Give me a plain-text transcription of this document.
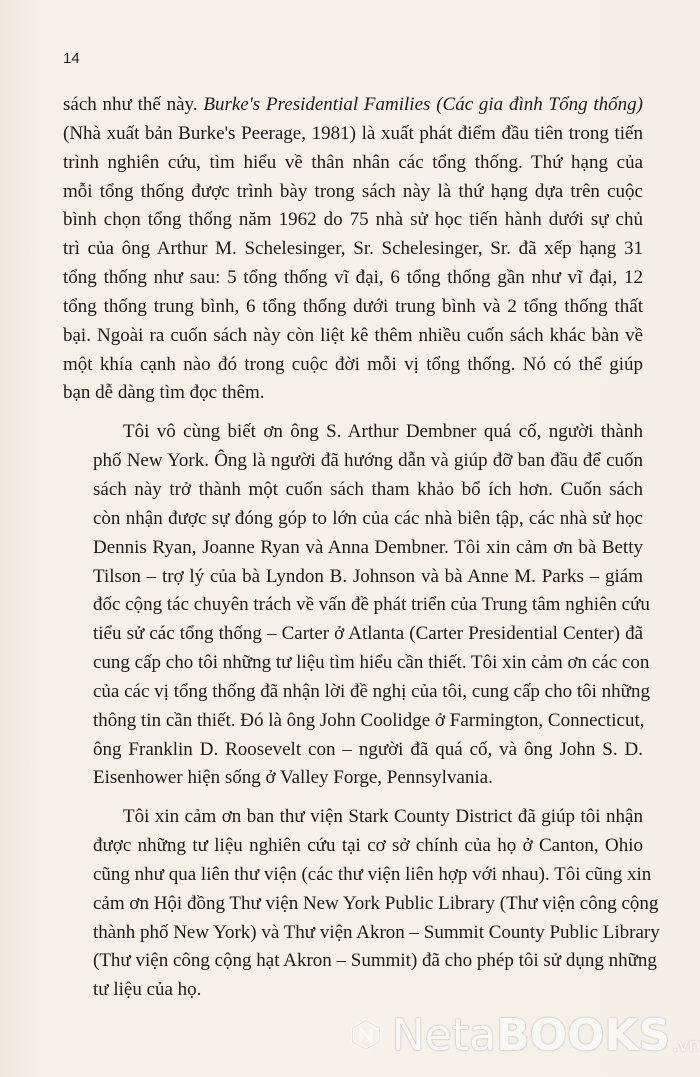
14

sách như thế này. Burke's Presidential Families (Các gia đình Tổng thống)
(Nhà xuất bản Burke's Peerage, 1981) là xuất phát điểm đầu tiên trong tiến
trình nghiên cứu, tìm hiểu về thân nhân các tổng thống. Thứ hạng của
mỗi tổng thống được trình bày trong sách này là thứ hạng dựa trên cuộc
bình chọn tổng thống năm 1962 do 75 nhà sử học tiến hành dưới sự chủ
trì của ông Arthur M. Schelesinger, Sr. Schelesinger, Sr. đã xếp hạng 31
tổng thống như sau: 5 tổng thống vĩ đại, 6 tổng thống gần như vĩ đại, 12
tổng thống trung bình, 6 tổng thống dưới trung bình và 2 tổng thống thất
bại. Ngoài ra cuốn sách này còn liệt kê thêm nhiều cuốn sách khác bàn về
một khía cạnh nào đó trong cuộc đời mỗi vị tổng thống. Nó có thể giúp
bạn dễ dàng tìm đọc thêm.

Tôi vô cùng biết ơn ông S. Arthur Dembner quá cố, người thành
phố New York. Ông là người đã hướng dẫn và giúp đỡ ban đầu để cuốn
sách này trở thành một cuốn sách tham khảo bổ ích hơn. Cuốn sách
còn nhận được sự đóng góp to lớn của các nhà biên tập, các nhà sử học
Dennis Ryan, Joanne Ryan và Anna Dembner. Tôi xin cảm ơn bà Betty
Tilson – trợ lý của bà Lyndon B. Johnson và bà Anne M. Parks – giám
đốc cộng tác chuyên trách về vấn đề phát triển của Trung tâm nghiên cứu
tiểu sử các tổng thống – Carter ở Atlanta (Carter Presidential Center) đã
cung cấp cho tôi những tư liệu tìm hiểu cần thiết. Tôi xin cảm ơn các con
của các vị tổng thống đã nhận lời đề nghị của tôi, cung cấp cho tôi những
thông tin cần thiết. Đó là ông John Coolidge ở Farmington, Connecticut,
ông Franklin D. Roosevelt con – người đã quá cố, và ông John S. D.
Eisenhower hiện sống ở Valley Forge, Pennsylvania.

Tôi xin cảm ơn ban thư viện Stark County District đã giúp tôi nhận
được những tư liệu nghiên cứu tại cơ sở chính của họ ở Canton, Ohio
cũng như qua liên thư viện (các thư viện liên hợp với nhau). Tôi cũng xin
cảm ơn Hội đồng Thư viện New York Public Library (Thư viện công cộng
thành phố New York) và Thư viện Akron – Summit County Public Library
(Thư viện công cộng hạt Akron – Summit) đã cho phép tôi sử dụng những
tư liệu của họ.

NetaBOOKS .vn
